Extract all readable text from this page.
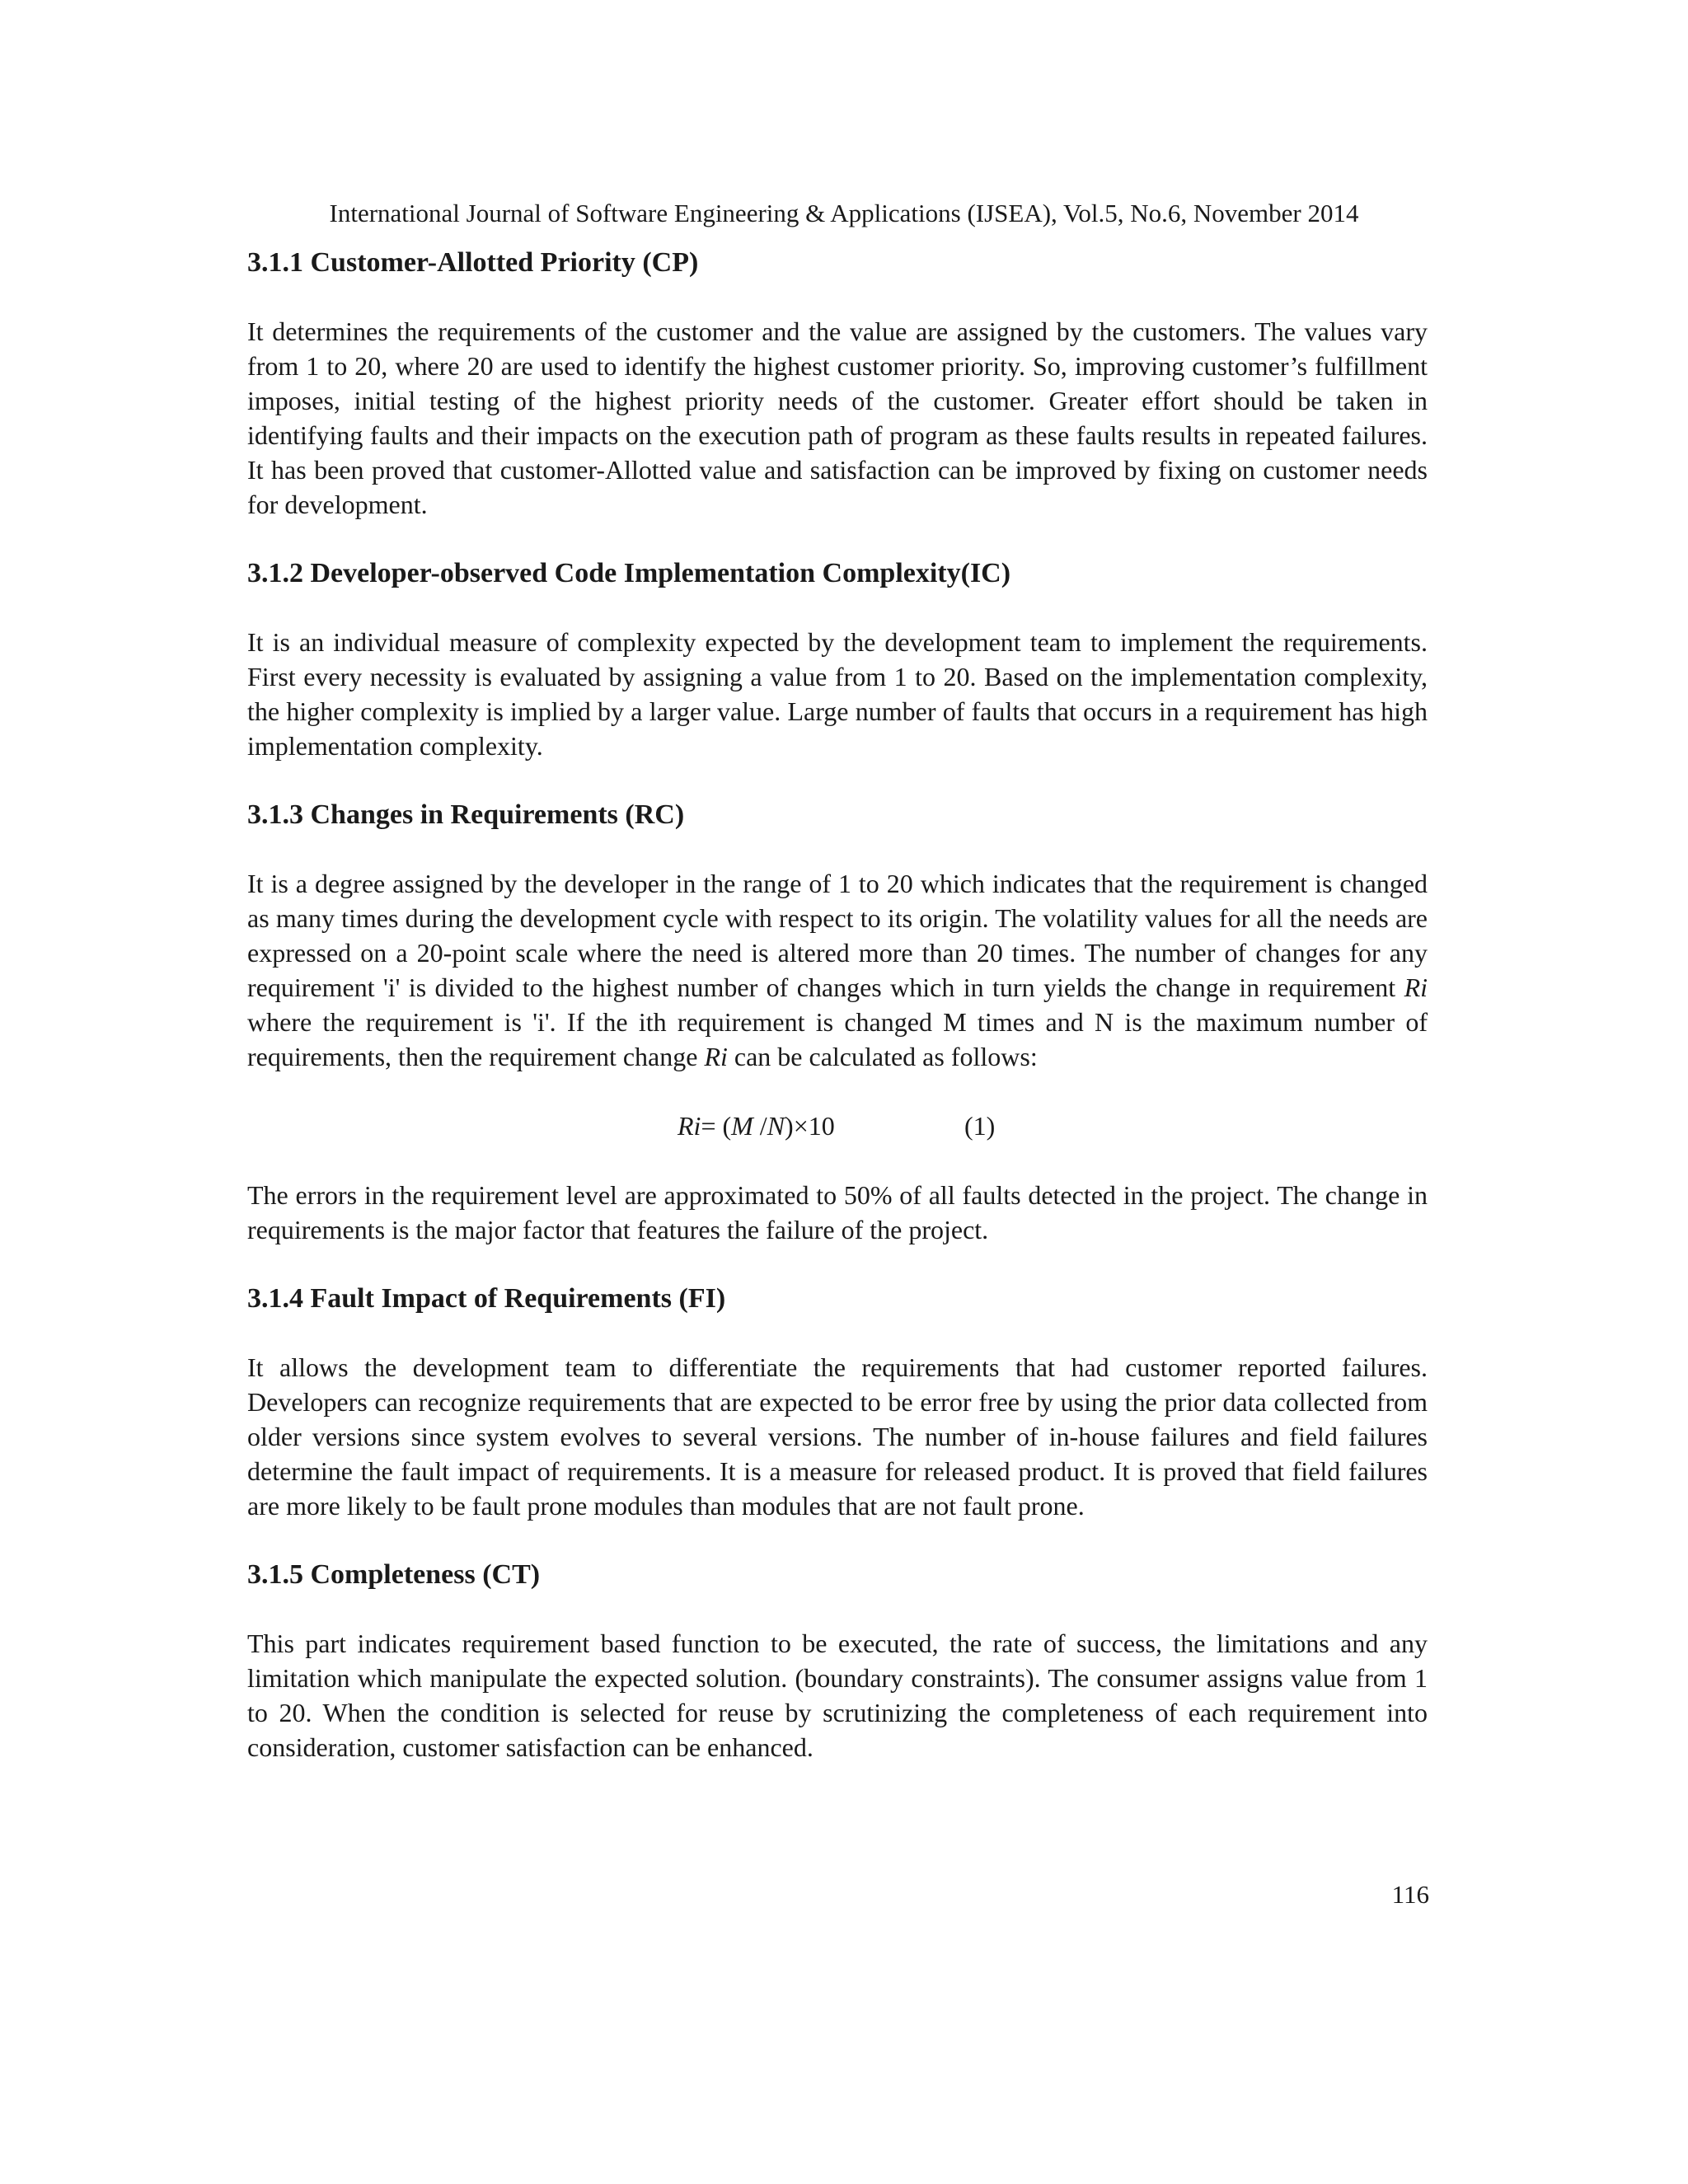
International Journal of Software Engineering & Applications (IJSEA), Vol.5, No.6, November 2014
3.1.1 Customer-Allotted Priority (CP)

It determines the requirements of the customer and the value are assigned by the customers. The values vary from 1 to 20, where 20 are used to identify the highest customer priority. So, improving customer’s fulfillment imposes, initial testing of the highest priority needs of the customer. Greater effort should be taken in identifying faults and their impacts on the execution path of program as these faults results in repeated failures. It has been proved that customer-Allotted value and satisfaction can be improved by fixing on customer needs for development.

3.1.2 Developer-observed Code Implementation Complexity(IC)

It is an individual measure of complexity expected by the development team to implement the requirements. First every necessity is evaluated by assigning a value from 1 to 20. Based on the implementation complexity, the higher complexity is implied by a larger value. Large number of faults that occurs in a requirement has high implementation complexity.

3.1.3 Changes in Requirements (RC)

It is a degree assigned by the developer in the range of 1 to 20 which indicates that the requirement is changed as many times during the development cycle with respect to its origin. The volatility values for all the needs are expressed on a 20-point scale where the need is altered more than 20 times. The number of changes for any requirement 'i' is divided to the highest number of changes which in turn yields the change in requirement Ri where the requirement is 'i'. If the ith requirement is changed M times and N is the maximum number of requirements, then the requirement change Ri can be calculated as follows:

Ri= (M /N)×10	(1)

The errors in the requirement level are approximated to 50% of all faults detected in the project. The change in requirements is the major factor that features the failure of the project.

3.1.4 Fault Impact of Requirements (FI)

It allows the development team to differentiate the requirements that had customer reported failures. Developers can recognize requirements that are expected to be error free by using the prior data collected from older versions since system evolves to several versions. The number of in-house failures and field failures determine the fault impact of requirements. It is a measure for released product. It is proved that field failures are more likely to be fault prone modules than modules that are not fault prone.

3.1.5 Completeness (CT)

This part indicates requirement based function to be executed, the rate of success, the limitations and any limitation which manipulate the expected solution. (boundary constraints). The consumer assigns value from 1 to 20. When the condition is selected for reuse by scrutinizing the completeness of each requirement into consideration, customer satisfaction can be enhanced.

116
